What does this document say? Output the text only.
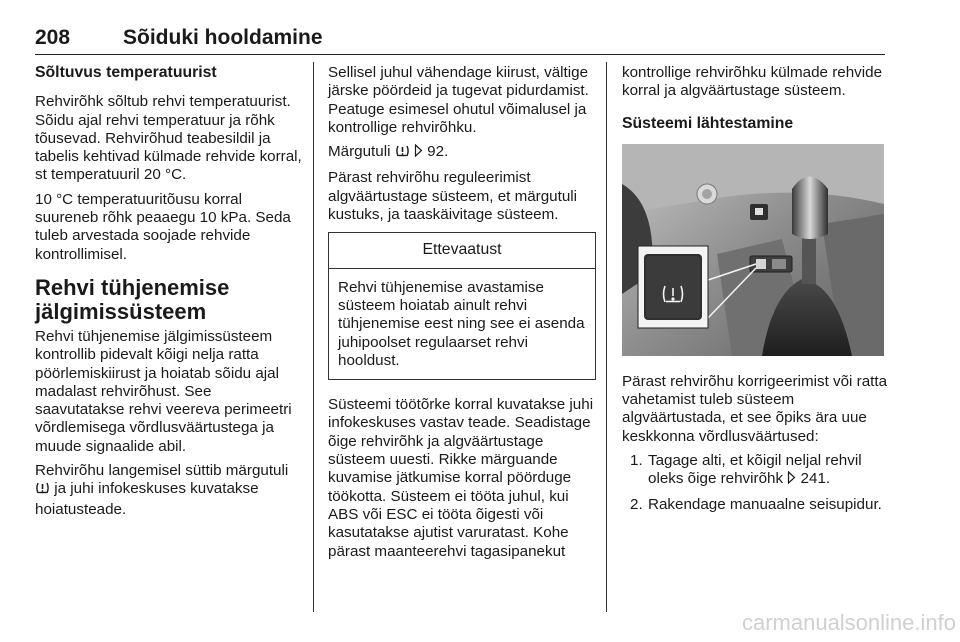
208	Sõiduki hooldamine
Sõltuvus temperatuurist

Rehvirõhk sõltub rehvi temperatuurist. Sõidu ajal rehvi temperatuur ja rõhk tõusevad. Rehvirõhud teabesildil ja tabelis kehtivad külmade rehvide korral, st temperatuuril 20 °C.

10 °C temperatuuritõusu korral suureneb rõhk peaaegu 10 kPa. Seda tuleb arvestada soojade rehvide kontrollimisel.

Rehvi tühjenemise jälgimissüsteem

Rehvi tühjenemise jälgimissüsteem kontrollib pidevalt kõigi nelja ratta pöörlemiskiirust ja hoiatab sõidu ajal madalast rehvirõhust. See saavutatakse rehvi veereva perimeetri võrdlemisega võrdlusväärtustega ja muude signaalide abil.

Rehvirõhu langemisel süttib märgutuli  ja juhi infokeskuses kuvatakse hoiatusteade.

Sellisel juhul vähendage kiirust, vältige järske pöördeid ja tugevat pidurdamist. Peatuge esimesel ohutul võimalusel ja kontrollige rehvirõhku.

Märgutuli 92.

Pärast rehvirõhu reguleerimist algväärtustage süsteem, et märgutuli kustuks, ja taaskäivitage süsteem.

Ettevaatust
Rehvi tühjenemise avastamise süsteem hoiatab ainult rehvi tühjenemise eest ning see ei asenda juhipoolset regulaarset rehvi hooldust.

Süsteemi töötõrke korral kuvatakse juhi infokeskuses vastav teade. Seadistage õige rehvirõhk ja algväärtustage süsteem uuesti. Rikke märguande kuvamise jätkumise korral pöörduge töökotta. Süsteem ei tööta juhul, kui ABS või ESC ei tööta õigesti või kasutatakse ajutist varuratast. Kohe pärast maanteerehvi tagasipanekut

kontrollige rehvirõhku külmade rehvide korral ja algväärtustage süsteem.

Süsteemi lähtestamine

Pärast rehvirõhu korrigeerimist või ratta vahetamist tuleb süsteem algväärtustada, et see õpiks ära uue keskkonna võrdlusväärtused:

1. Tagage alti, et kõigil neljal rehvil oleks õige rehvirõhk 241.
2. Rakendage manuaalne seisupidur.
carmanualsonline.info
